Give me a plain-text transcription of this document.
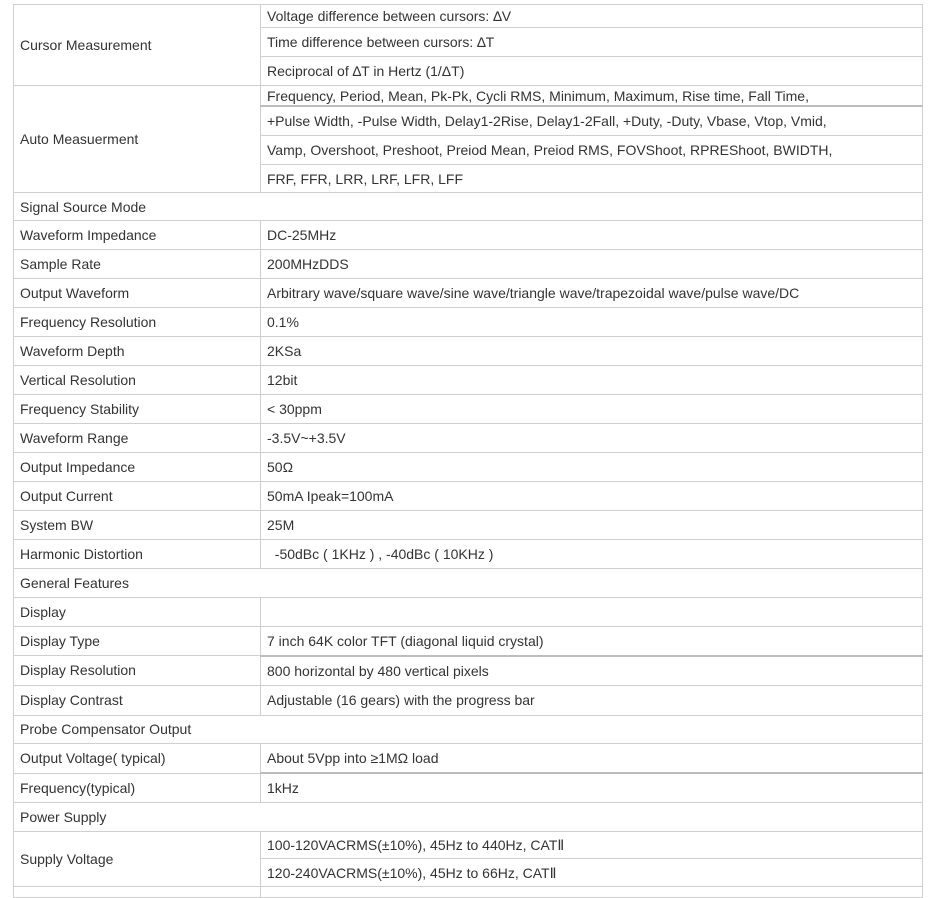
Cursor Measurement	Voltage difference between cursors: ∆V
	Time difference between cursors: ∆T
	Reciprocal of ∆T in Hertz (1/ΔT)
Auto Measuerment	Frequency, Period, Mean, Pk-Pk, Cycli RMS, Minimum, Maximum, Rise time, Fall Time,
	+Pulse Width, -Pulse Width, Delay1-2Rise, Delay1-2Fall, +Duty, -Duty, Vbase, Vtop, Vmid,
	Vamp, Overshoot, Preshoot, Preiod Mean, Preiod RMS, FOVShoot, RPREShoot, BWIDTH,
	FRF, FFR, LRR, LRF, LFR, LFF
Signal Source Mode	
Waveform Impedance	DC-25MHz
Sample Rate	200MHzDDS
Output Waveform	Arbitrary wave/square wave/sine wave/triangle wave/trapezoidal wave/pulse wave/DC
Frequency Resolution	0.1%
Waveform Depth	2KSa
Vertical Resolution	12bit
Frequency Stability	< 30ppm
Waveform Range	-3.5V~+3.5V
Output Impedance	50Ω
Output Current	50mA Ipeak=100mA
System BW	25M
Harmonic Distortion	-50dBc ( 1KHz ) , -40dBc ( 10KHz )
General Features	
Display	
Display Type	7 inch 64K color TFT (diagonal liquid crystal)
Display Resolution	800 horizontal by 480 vertical pixels
Display Contrast	Adjustable (16 gears) with the progress bar
Probe Compensator Output	
Output Voltage( typical)	About 5Vpp into ≥1MΩ load
Frequency(typical)	1kHz
Power Supply	
Supply Voltage	100-120VACRMS(±10%), 45Hz to 440Hz, CATⅡ
	120-240VACRMS(±10%), 45Hz to 66Hz, CATⅡ
